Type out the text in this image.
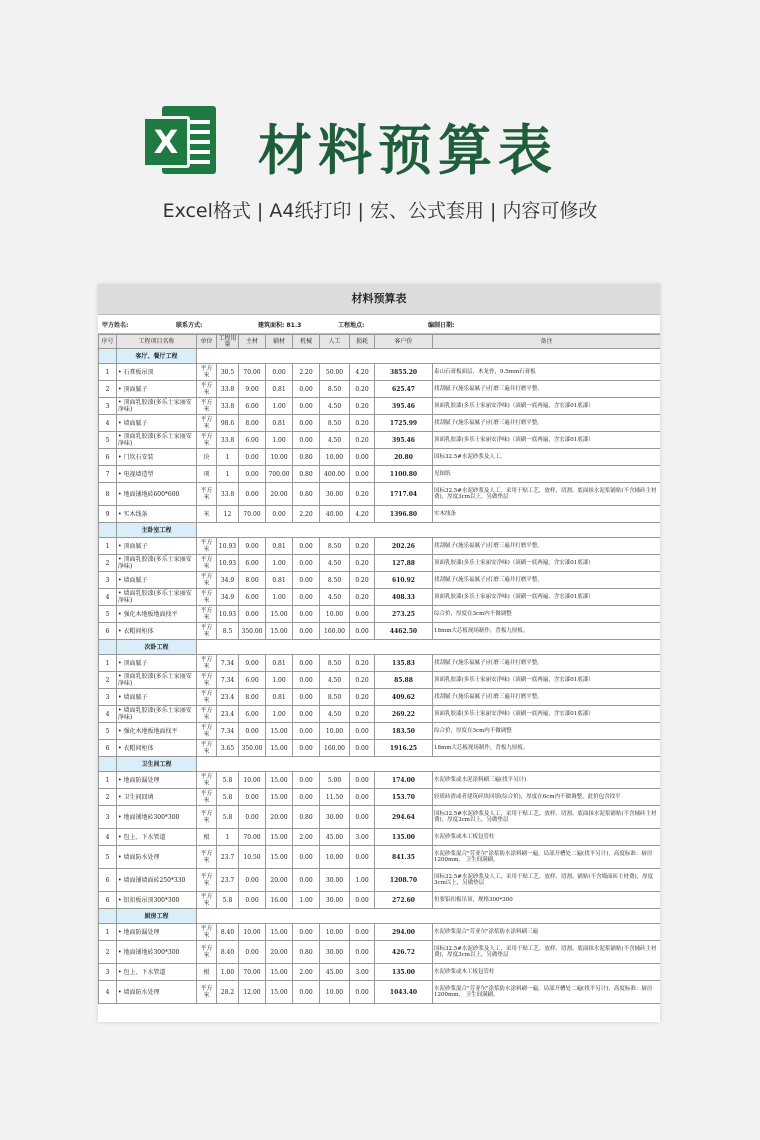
X 材料预算表
Excel格式 | A4纸打印 | 宏、公式套用 | 内容可修改
材料预算表
甲方姓名:	联系方式:	建筑面积: 81.3	工程地点:	编制日期:
序号	工程项目名称	单位	工程用量	主材	辅材	机械	人工	损耗	客户价	备注
	客厅、餐厅工程									
1	• 石膏板吊顶	平方米	30.5	70.00	0.00	2.20	50.00	4.20	3855.20	泰山石膏板面层，木龙骨，9.5mm石膏板
2	• 顶面腻子	平方米	33.8	9.00	0.81	0.00	8.50	0.20	625.47	找刮腻子(施乐福腻子)打磨三遍并打磨平整。
3	• 顶面乳胶漆(多乐士家丽安净味)	平方米	33.8	6.00	1.00	0.00	4.50	0.20	395.46	顶面乳胶漆(多乐士家丽安净味)（滚刷一底两遍，含宏漆01底漆）
4	• 墙面腻子	平方米	98.6	8.00	0.81	0.00	8.50	0.20	1725.99	找刮腻子(施乐福腻子)打磨三遍并打磨平整。
5	• 顶面乳胶漆(多乐士家丽安净味)	平方米	33.8	6.00	1.00	0.00	4.50	0.20	395.46	顶面乳胶漆(多乐士家丽安净味)（滚刷一底两遍，含宏漆01底漆）
6	• 门坎石安装	块	1	0.00	10.00	0.80	10.00	0.00	20.80	国标32.5#水泥砂浆及人工。
7	• 电视墙造型	项	1	0.00	700.00	0.80	400.00	0.00	1100.80	见图纸
8	• 地面铺地砖600*600	平方米	33.8	0.00	20.00	0.80	30.00	0.20	1717.04	国标32.5#水泥砂浆及人工，采用干贴工艺，放样、切割、底面抹水泥浆铺贴(不含辅砖主材费)，厚度3cm以上，另做垫层
9	• 实木线条	米	12	70.00	0.00	2.20	40.00	4.20	1396.80	实木线条
	主卧室工程									
1	• 顶面腻子	平方米	10.93	9.00	0.81	0.00	8.50	0.20	202.26	找刮腻子(施乐福腻子)打磨三遍并打磨平整。
2	• 顶面乳胶漆(多乐士家丽安净味)	平方米	10.93	6.00	1.00	0.00	4.50	0.20	127.88	顶面乳胶漆(多乐士家丽安净味)（滚刷一底两遍，含宏漆01底漆）
3	• 墙面腻子	平方米	34.9	8.00	0.81	0.00	8.50	0.20	610.92	找刮腻子(施乐福腻子)打磨三遍并打磨平整。
4	• 墙面乳胶漆(多乐士家丽安净味)	平方米	34.9	6.00	1.00	0.00	4.50	0.20	408.33	顶面乳胶漆(多乐士家丽安净味)（滚刷一底两遍，含宏漆01底漆）
5	• 强化木地板地面找平	平方米	10.93	0.00	15.00	0.00	10.00	0.00	273.25	综合价，厚度在3cm内不做调整
6	• 衣帽间柜体	平方米	8.5	350.00	15.00	0.00	160.00	0.00	4462.50	18mm大芯板现场制作，背板九厘板。
	次卧工程									
1	• 顶面腻子	平方米	7.34	9.00	0.81	0.00	8.50	0.20	135.83	找刮腻子(施乐福腻子)打磨三遍并打磨平整。
2	• 顶面乳胶漆(多乐士家丽安净味)	平方米	7.34	6.00	1.00	0.00	4.50	0.20	85.88	顶面乳胶漆(多乐士家丽安净味)（滚刷一底两遍，含宏漆01底漆）
3	• 墙面腻子	平方米	23.4	8.00	0.81	0.00	8.50	0.20	409.62	找刮腻子(施乐福腻子)打磨三遍并打磨平整。
4	• 墙面乳胶漆(多乐士家丽安净味)	平方米	23.4	6.00	1.00	0.00	4.50	0.20	269.22	顶面乳胶漆(多乐士家丽安净味)（滚刷一底两遍，含宏漆01底漆）
5	• 强化木地板地面找平	平方米	7.34	0.00	15.00	0.00	10.00	0.00	183.50	综合价，厚度在3cm内不做调整
6	• 衣帽间柜体	平方米	3.65	350.00	15.00	0.00	160.00	0.00	1916.25	18mm大芯板现场制作，背板九厘板。
	卫生间工程									
1	• 地面防漏处理	平方米	5.8	10.00	15.00	0.00	5.00	0.00	174.00	水泥砂浆或水泥涂料刷三遍(找平另计)
2	• 卫生间回填	平方米	5.8	0.00	15.00	0.00	11.50	0.00	153.70	轻质砖渣或者建筑碎块回填(综合价)，厚度在6cm内不做调整，此价包含找平
3	• 地面铺地砖300*300	平方米	5.8	0.00	20.00	0.80	30.00	0.00	294.64	国标32.5#水泥砂浆及人工，采用干贴工艺，放样、切割、底面抹水泥浆铺贴(不含辅砖主材费)，厚度3cm以上，另做垫层
4	• 包上、下水管道	根	1	70.00	15.00	2.00	45.00	3.00	135.00	水泥砂浆或木工板包管柱
5	• 墙面防水处理	平方米	23.7	10.50	15.00	0.00	10.00	0.00	841.35	水泥砂浆混合"劳亚尔"涂浆防水涂料刷一遍，局部开槽处二遍(找平另计)，高度标准：厨房1200mm， 卫生间满刷。
6	• 墙面铺墙面砖250*330	平方米	23.7	0.00	20.00	0.00	30.00	1.00	1208.70	国标32.5#水泥砂浆及人工，采用干贴工艺，放样、切割、铺贴(不含墙面砖主材费)，厚度3cm以上，另做垫层
6	• 铝扣板吊顶300*300	平方米	5.8	0.00	16.00	1.00	30.00	0.00	272.60	恒要铝扣板吊顶，规格300*300
	厨房工程									
1	• 地面防漏处理	平方米	8.40	10.00	15.00	0.00	10.00	0.00	294.00	水泥砂浆混合"劳亚尔"涂浆防水涂料刷三遍
2	• 地面铺地砖300*300	平方米	8.40	0.00	20.00	0.80	30.00	0.00	426.72	国标32.5#水泥砂浆及人工，采用干贴工艺，放样、切割、底面抹水泥浆铺贴(不含辅砖主材费)，厚度3cm以上，另做垫层
3	• 包上、下水管道	根	1.00	70.00	15.00	2.00	45.00	3.00	135.00	水泥砂浆或木工板包管柱
4	• 墙面防水处理	平方米	28.2	12.00	15.00	0.00	10.00	0.00	1043.40	水泥砂浆混合"劳亚尔"涂浆防水涂料刷一遍，局部开槽处二遍(找平另计)，高度标准：厨房1200mm， 卫生间满刷。
